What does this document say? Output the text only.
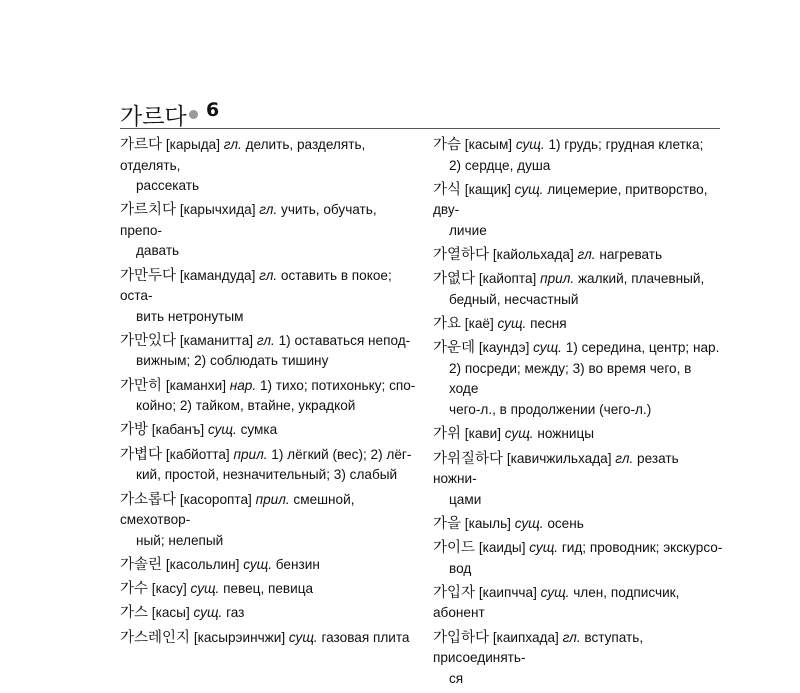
가르다 6
가르다 [карыда] гл. делить, разделять, отделять,
рассекать
가르치다 [карычхида] гл. учить, обучать, препо-
давать
가만두다 [камандуда] гл. оставить в покое; оста-
вить нетронутым
가만있다 [каманитта] гл. 1) оставаться непод-
вижным; 2) соблюдать тишину
가만히 [каманхи] нар. 1) тихо; потихоньку; спо-
койно; 2) тайком, втайне, украдкой
가방 [кабанъ] сущ. сумка
가볍다 [кабйотта] прил. 1) лёгкий (вес); 2) лёг-
кий, простой, незначительный; 3) слабый
가소롭다 [касоропта] прил. смешной, смехотвор-
ный; нелепый
가솔린 [касольлин] сущ. бензин
가수 [касу] сущ. певец, певица
가스 [касы] сущ. газ
가스레인지 [касырэинчжи] сущ. газовая плита
가슴 [касым] сущ. 1) грудь; грудная клетка;
2) сердце, душа
가식 [кащик] сущ. лицемерие, притворство, дву-
личие
가열하다 [кайольхада] гл. нагревать
가엾다 [кайопта] прил. жалкий, плачевный,
бедный, несчастный
가요 [каё] сущ. песня
가운데 [каундэ] сущ. 1) середина, центр; нар.
2) посреди; между; 3) во время чего, в ходе
чего-л., в продолжении (чего-л.)
가위 [кави] сущ. ножницы
가위질하다 [кавичжильхада] гл. резать ножни-
цами
가을 [каыль] сущ. осень
가이드 [каиды] сущ. гид; проводник; экскурсо-
вод
가입자 [каипчча] сущ. член, подписчик, абонент
가입하다 [каипхада] гл. вступать, присоединять-
ся
